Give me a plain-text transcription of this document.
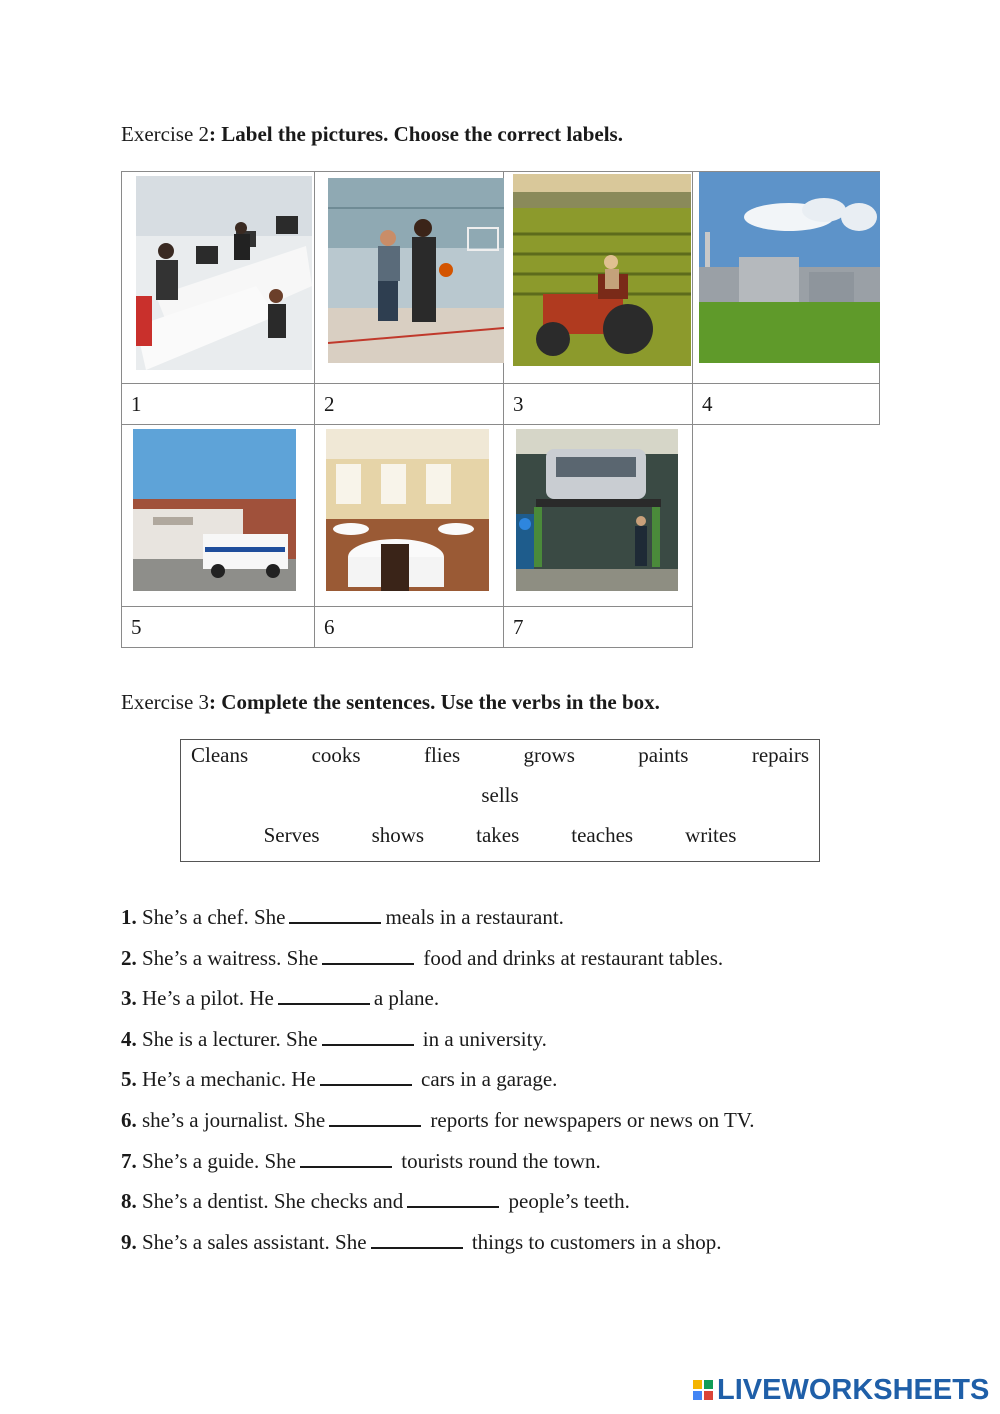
Exercise 2: Label the pictures. Choose the correct labels.

1	2	3	4

5	6	7
Exercise 3: Complete the sentences. Use the verbs in the box.
Cleans	cooks	flies	grows	paints	repairs
sells
Serves shows takes teaches writes
1. She’s a chef. She	meals in a restaurant.
2. She’s a waitress. She	food and drinks at restaurant tables.
3. He’s a pilot. He	a plane.
4. She is a lecturer. She	in a university.
5. He’s a mechanic. He	cars in a garage.
6. she’s a journalist. She	reports for newspapers or news on TV.
7. She’s a guide. She	tourists round the town.
8. She’s a dentist. She checks and	people’s teeth.
9. She’s a sales assistant. She	things to customers in a shop.
LIVEWORKSHEETS
